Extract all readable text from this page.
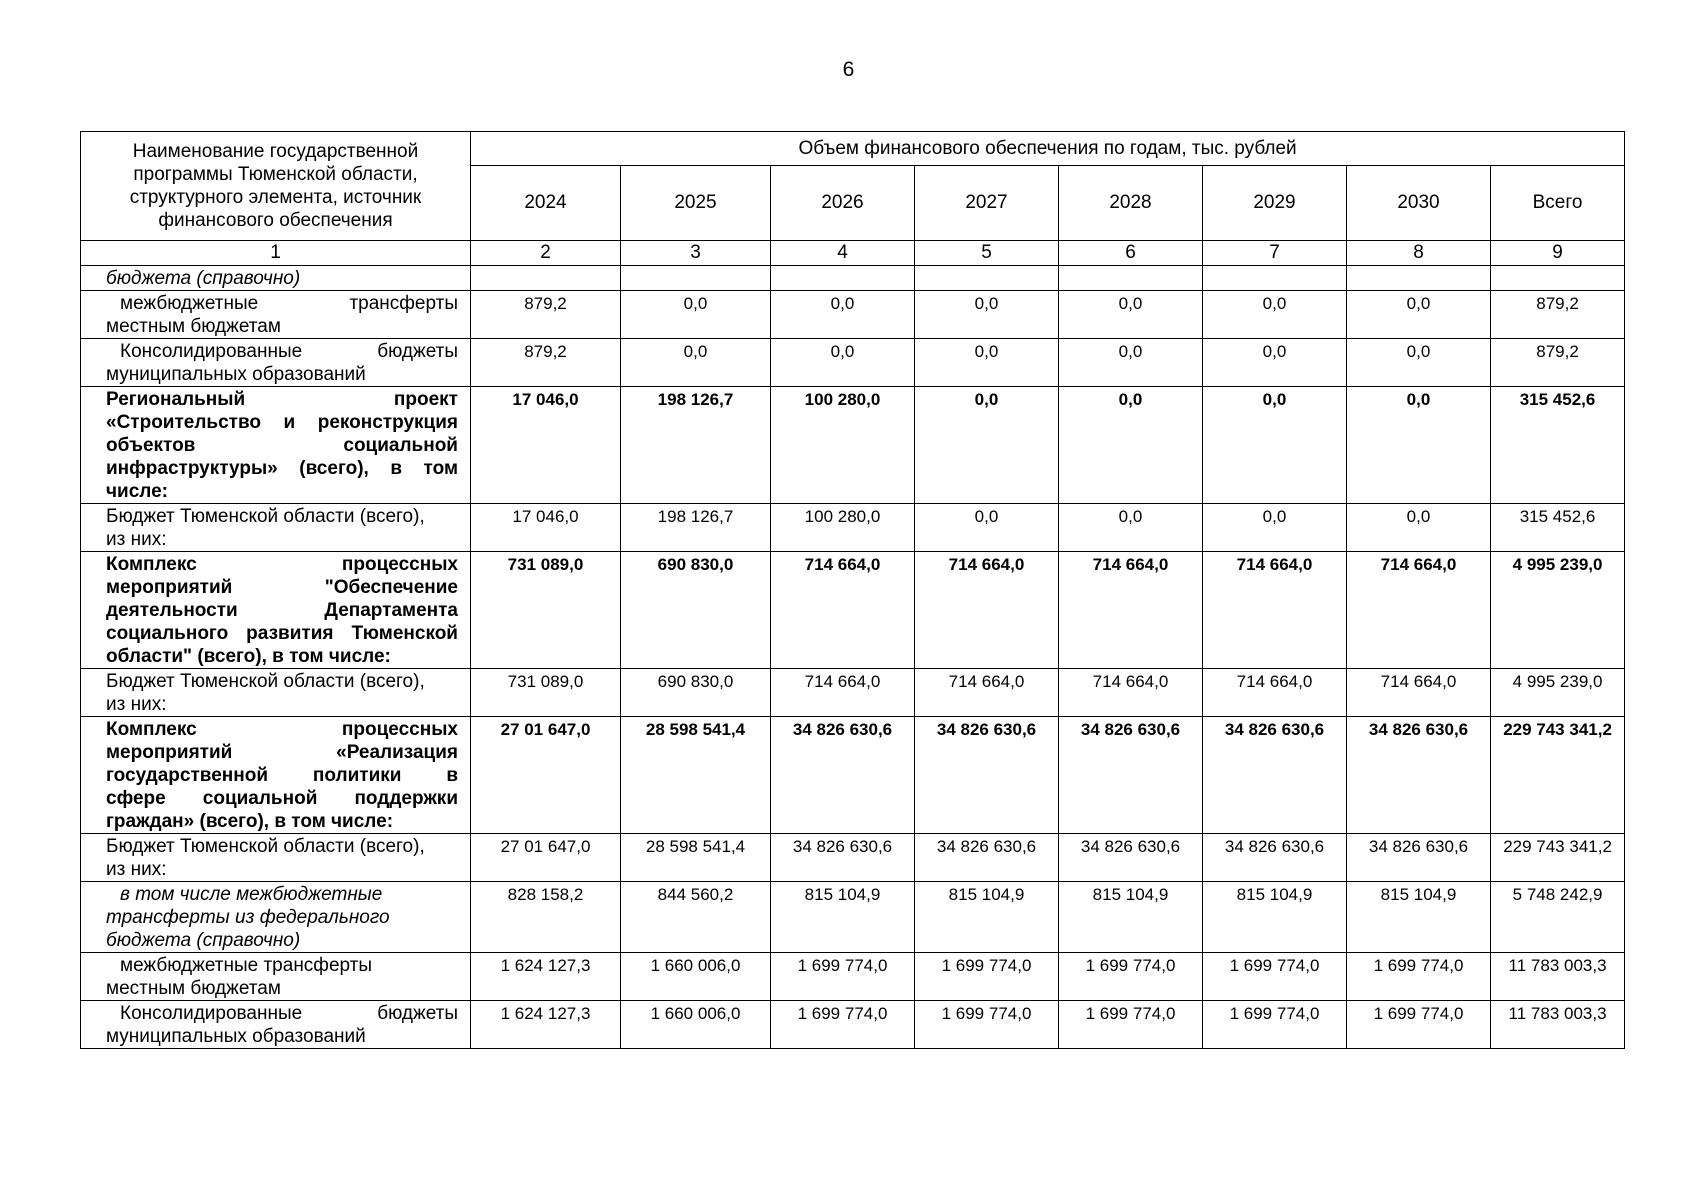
6
Наименование государственной программы Тюменской области, структурного элемента, источник финансового обеспечения	Объем финансового обеспечения по годам, тыс. рублей							
	2024	2025	2026	2027	2028	2029	2030	Всего
1	2	3	4	5	6	7	8	9

бюджета (справочно)								

межбюджетные трансферты
местным бюджетам	879,2	0,0	0,0	0,0	0,0	0,0	0,0	879,2

Консолидированные бюджеты
муниципальных образований	879,2	0,0	0,0	0,0	0,0	0,0	0,0	879,2

Региональный проект
«Строительство и реконструкция
объектов социальной
инфраструктуры» (всего), в том
числе:	17 046,0	198 126,7	100 280,0	0,0	0,0	0,0	0,0	315 452,6

Бюджет Тюменской области (всего),
из них:	17 046,0	198 126,7	100 280,0	0,0	0,0	0,0	0,0	315 452,6

Комплекс процессных
мероприятий "Обеспечение
деятельности Департамента
социального развития Тюменской
области" (всего), в том числе:	731 089,0	690 830,0	714 664,0	714 664,0	714 664,0	714 664,0	714 664,0	4 995 239,0

Бюджет Тюменской области (всего),
из них:	731 089,0	690 830,0	714 664,0	714 664,0	714 664,0	714 664,0	714 664,0	4 995 239,0

Комплекс процессных
мероприятий «Реализация
государственной политики в
сфере социальной поддержки
граждан» (всего), в том числе:	27 01 647,0	28 598 541,4	34 826 630,6	34 826 630,6	34 826 630,6	34 826 630,6	34 826 630,6	229 743 341,2

Бюджет Тюменской области (всего),
из них:	27 01 647,0	28 598 541,4	34 826 630,6	34 826 630,6	34 826 630,6	34 826 630,6	34 826 630,6	229 743 341,2

в том числе межбюджетные
трансферты из федерального
бюджета (справочно)	828 158,2	844 560,2	815 104,9	815 104,9	815 104,9	815 104,9	815 104,9	5 748 242,9

межбюджетные трансферты
местным бюджетам	1 624 127,3	1 660 006,0	1 699 774,0	1 699 774,0	1 699 774,0	1 699 774,0	1 699 774,0	11 783 003,3

Консолидированные бюджеты
муниципальных образований	1 624 127,3	1 660 006,0	1 699 774,0	1 699 774,0	1 699 774,0	1 699 774,0	1 699 774,0	11 783 003,3
